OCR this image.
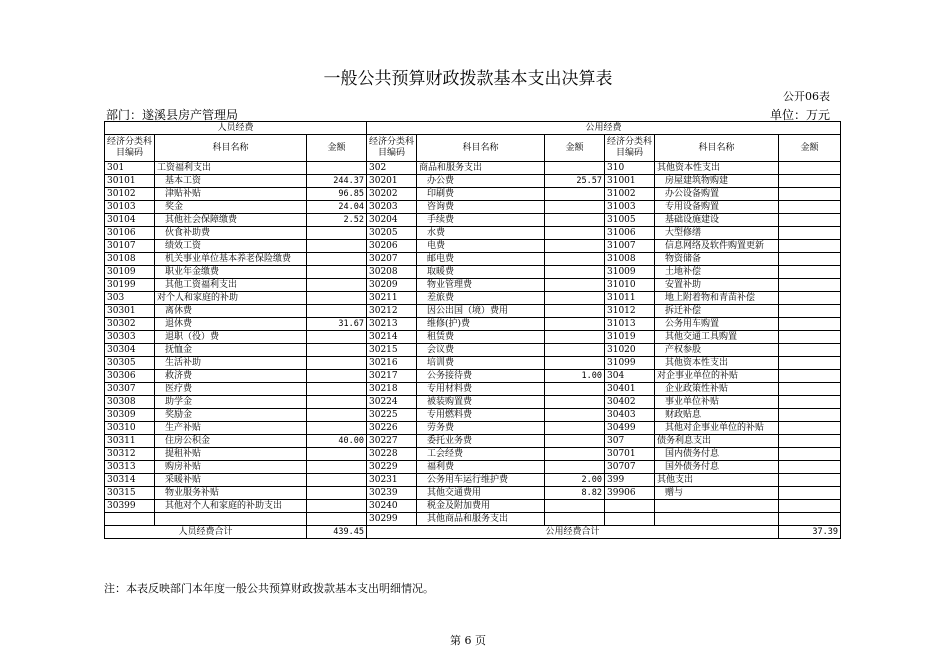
一般公共预算财政拨款基本支出决算表
公开06表
部门：遂溪县房产管理局	单位：万元
人员经费			公用经费					
经济分类科目编码	科目名称	金额	经济分类科目编码	科目名称	金额	经济分类科目编码	科目名称	金额
301	工资福利支出		302	商品和服务支出		310	其他资本性支出	
30101	基本工资	244.37	30201	办公费	25.57	31001	房屋建筑物购建	
30102	津贴补贴	96.85	30202	印刷费		31002	办公设备购置	
30103	奖金	24.04	30203	咨询费		31003	专用设备购置	
30104	其他社会保障缴费	2.52	30204	手续费		31005	基础设施建设	
30106	伙食补助费		30205	水费		31006	大型修缮	
30107	绩效工资		30206	电费		31007	信息网络及软件购置更新	
30108	机关事业单位基本养老保险缴费		30207	邮电费		31008	物资储备	
30109	职业年金缴费		30208	取暖费		31009	土地补偿	
30199	其他工资福利支出		30209	物业管理费		31010	安置补助	
303	对个人和家庭的补助		30211	差旅费		31011	地上附着物和青苗补偿	
30301	离休费		30212	因公出国（境）费用		31012	拆迁补偿	
30302	退休费	31.67	30213	维修(护)费		31013	公务用车购置	
30303	退职（役）费		30214	租赁费		31019	其他交通工具购置	
30304	抚恤金		30215	会议费		31020	产权参股	
30305	生活补助		30216	培训费		31099	其他资本性支出	
30306	救济费		30217	公务接待费	1.00	304	对企事业单位的补贴	
30307	医疗费		30218	专用材料费		30401	企业政策性补贴	
30308	助学金		30224	被装购置费		30402	事业单位补贴	
30309	奖励金		30225	专用燃料费		30403	财政贴息	
30310	生产补贴		30226	劳务费		30499	其他对企事业单位的补贴	
30311	住房公积金	40.00	30227	委托业务费		307	债务利息支出	
30312	提租补贴		30228	工会经费		30701	国内债务付息	
30313	购房补贴		30229	福利费		30707	国外债务付息	
30314	采暖补贴		30231	公务用车运行维护费	2.00	399	其他支出	
30315	物业服务补贴		30239	其他交通费用	8.82	39906	赠与	
30399	其他对个人和家庭的补助支出		30240	税金及附加费用				
			30299	其他商品和服务支出				
人员经费合计		439.45	公用经费合计					37.39
注：本表反映部门本年度一般公共预算财政拨款基本支出明细情况。
第 6 页
